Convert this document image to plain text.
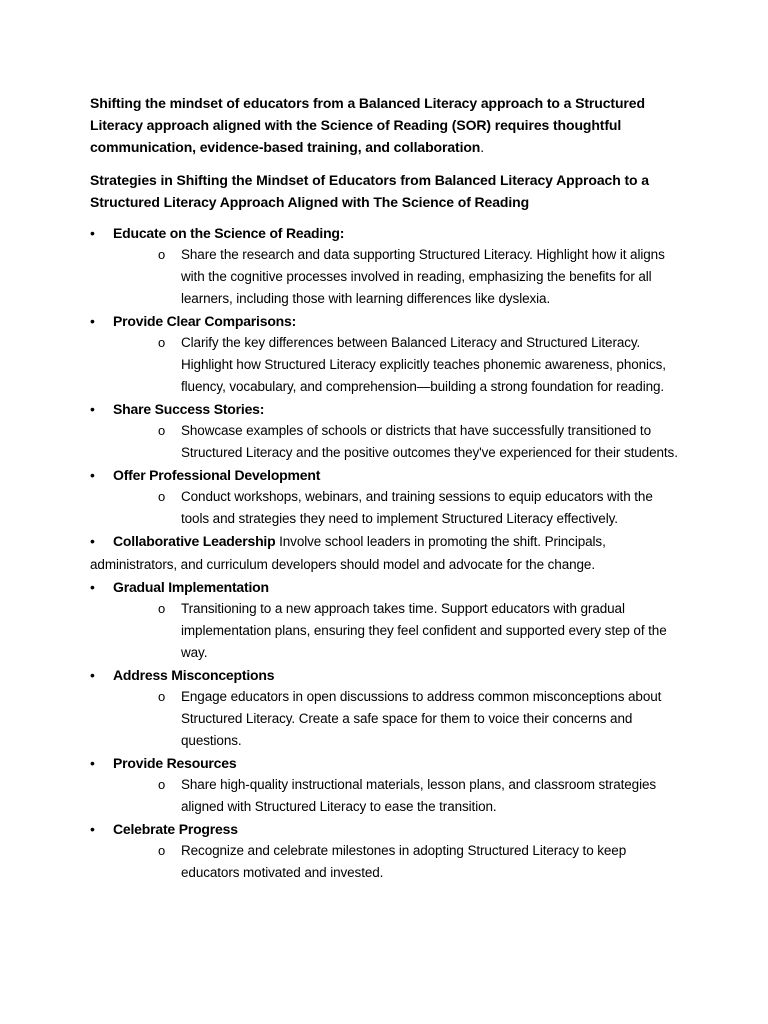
Shifting the mindset of educators from a Balanced Literacy approach to a Structured Literacy approach aligned with the Science of Reading (SOR) requires thoughtful communication, evidence-based training, and collaboration.

Strategies in Shifting the Mindset of Educators from Balanced Literacy Approach to a Structured Literacy Approach Aligned with The Science of Reading

•	Educate on the Science of Reading:
o Share the research and data supporting Structured Literacy. Highlight how it aligns with the cognitive processes involved in reading, emphasizing the benefits for all learners, including those with learning differences like dyslexia.
•	Provide Clear Comparisons:
o Clarify the key differences between Balanced Literacy and Structured Literacy. Highlight how Structured Literacy explicitly teaches phonemic awareness, phonics, fluency, vocabulary, and comprehension—building a strong foundation for reading.
•	Share Success Stories:
o Showcase examples of schools or districts that have successfully transitioned to Structured Literacy and the positive outcomes they've experienced for their students.
•	Offer Professional Development
o Conduct workshops, webinars, and training sessions to equip educators with the tools and strategies they need to implement Structured Literacy effectively.
•	Collaborative Leadership Involve school leaders in promoting the shift. Principals, administrators, and curriculum developers should model and advocate for the change.
•	Gradual Implementation
o Transitioning to a new approach takes time. Support educators with gradual implementation plans, ensuring they feel confident and supported every step of the way.
•	Address Misconceptions
o Engage educators in open discussions to address common misconceptions about Structured Literacy. Create a safe space for them to voice their concerns and questions.
•	Provide Resources
o Share high-quality instructional materials, lesson plans, and classroom strategies aligned with Structured Literacy to ease the transition.
•	Celebrate Progress
o Recognize and celebrate milestones in adopting Structured Literacy to keep educators motivated and invested.
